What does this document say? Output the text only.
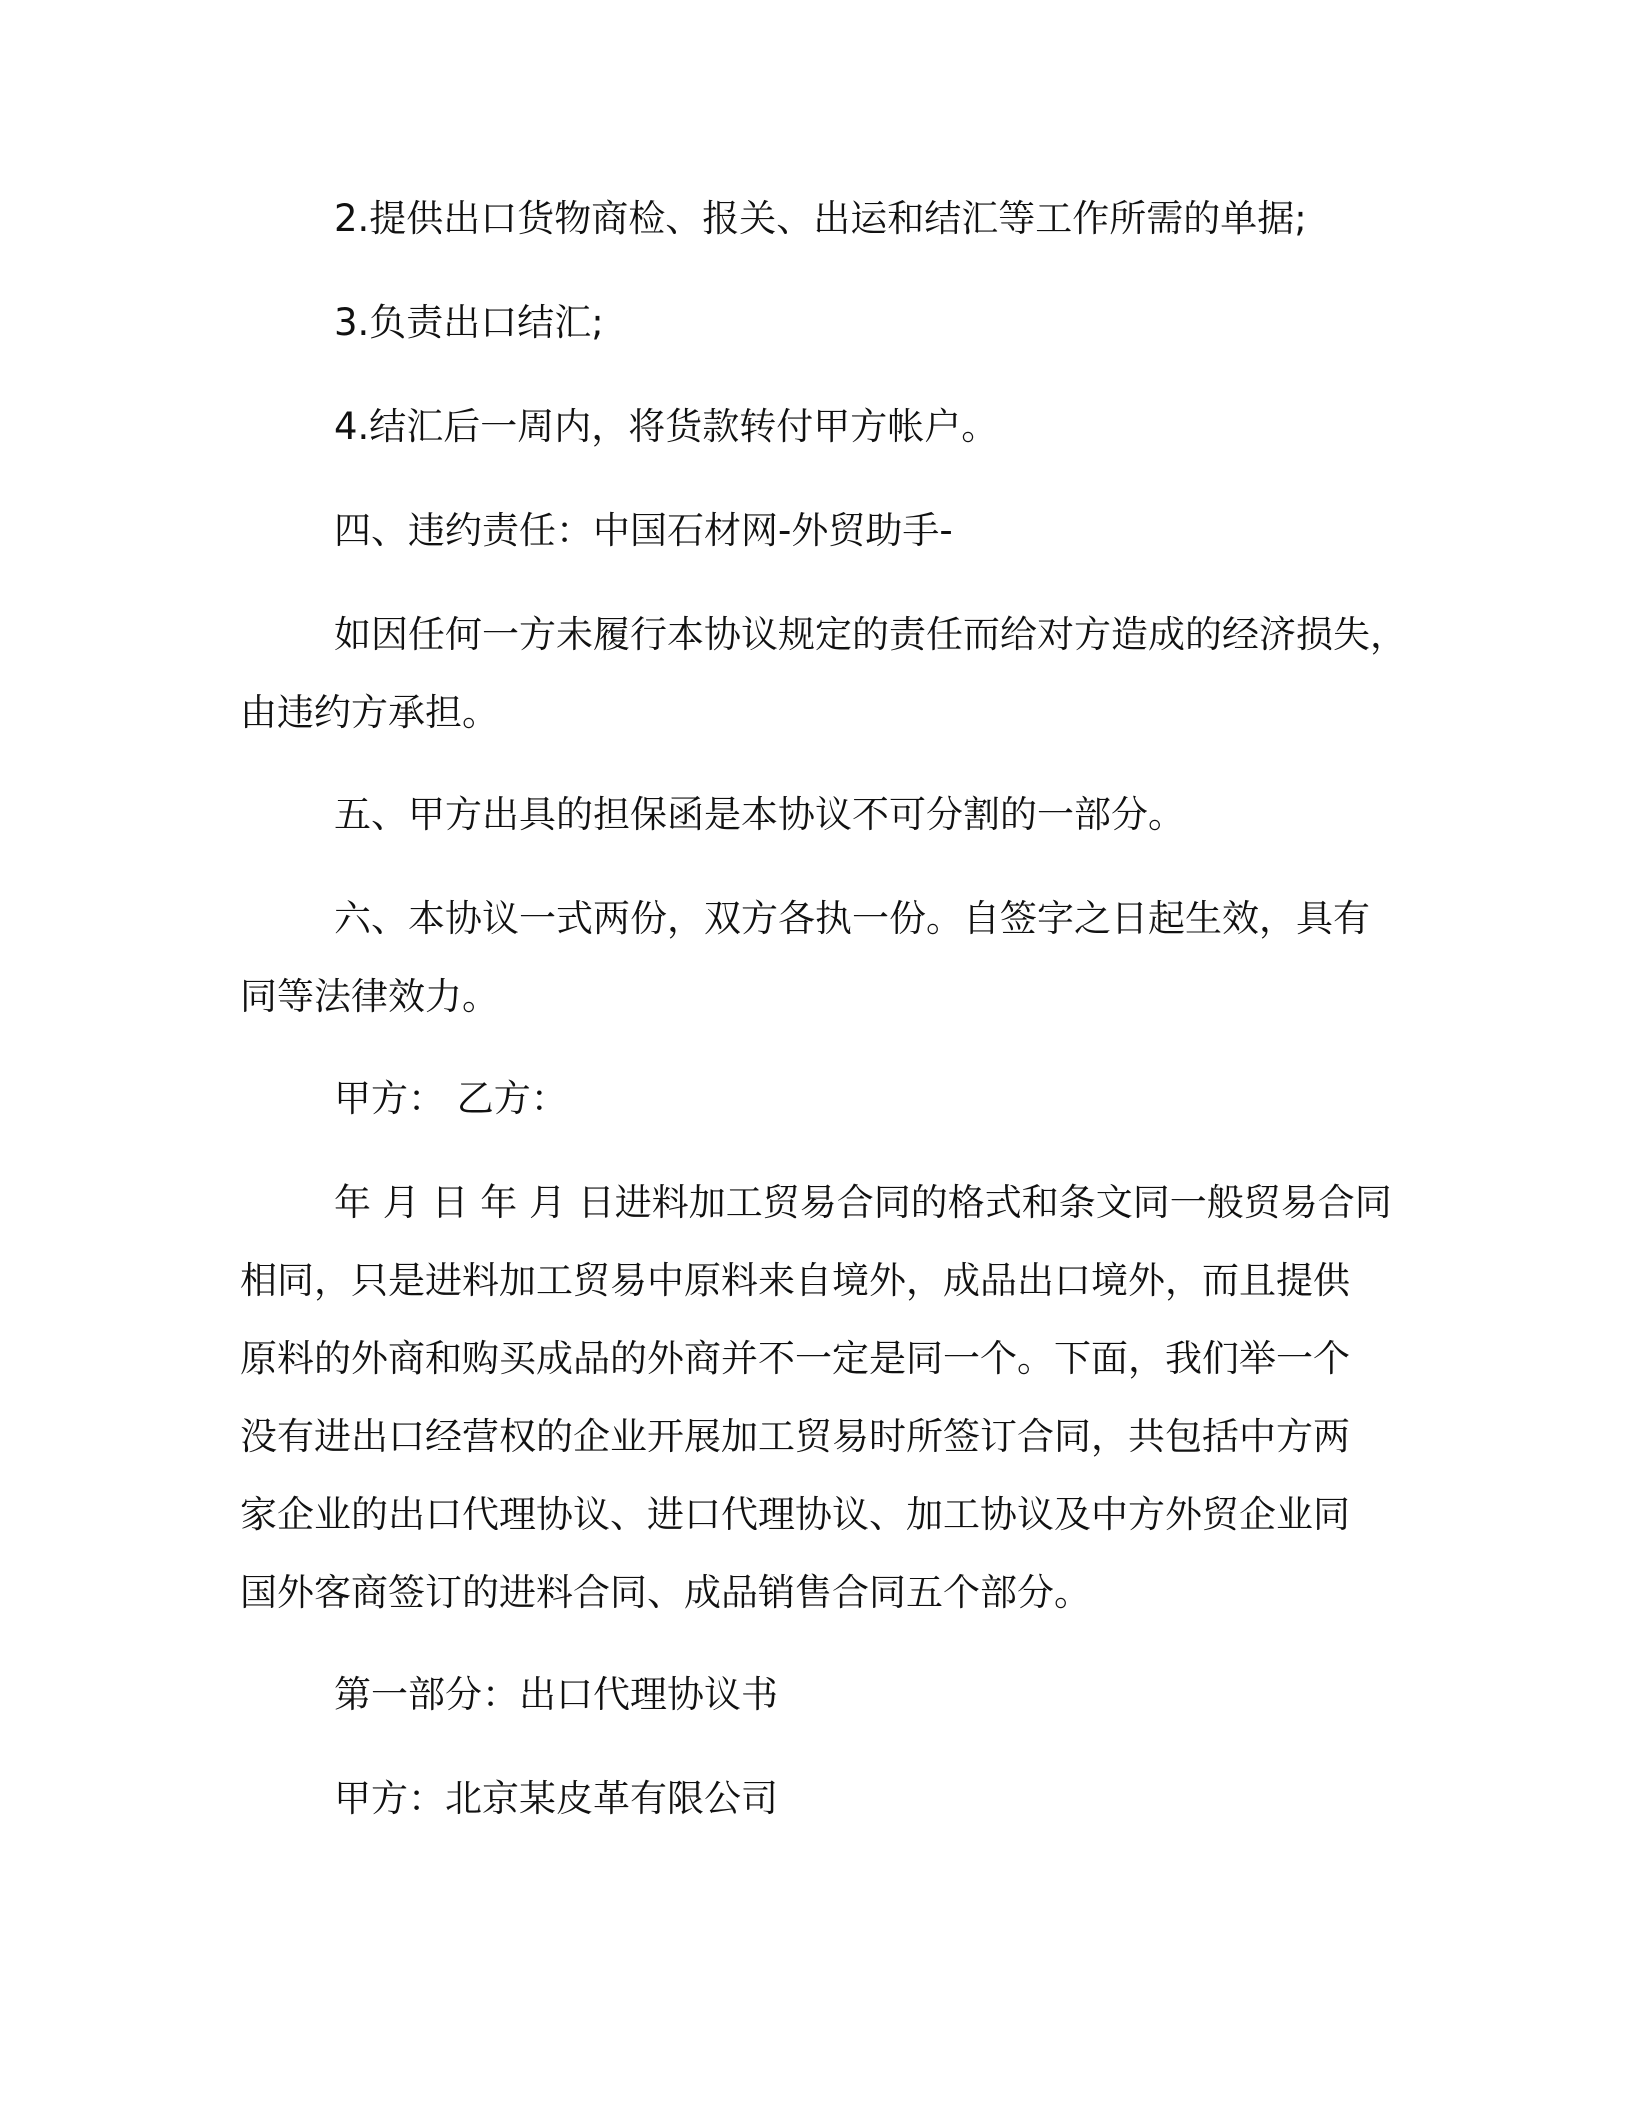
2.提供出口货物商检、报关、出运和结汇等工作所需的单据;

3.负责出口结汇;

4.结汇后一周内，将货款转付甲方帐户。

四、违约责任：中国石材网-外贸助手-

如因任何一方未履行本协议规定的责任而给对方造成的经济损失，
由违约方承担。

五、甲方出具的担保函是本协议不可分割的一部分。

六、本协议一式两份，双方各执一份。自签字之日起生效，具有
同等法律效力。

甲方： 乙方：

年 月 日 年 月 日进料加工贸易合同的格式和条文同一般贸易合同
相同，只是进料加工贸易中原料来自境外，成品出口境外，而且提供
原料的外商和购买成品的外商并不一定是同一个。下面，我们举一个
没有进出口经营权的企业开展加工贸易时所签订合同，共包括中方两
家企业的出口代理协议、进口代理协议、加工协议及中方外贸企业同
国外客商签订的进料合同、成品销售合同五个部分。

第一部分：出口代理协议书

甲方：北京某皮革有限公司
